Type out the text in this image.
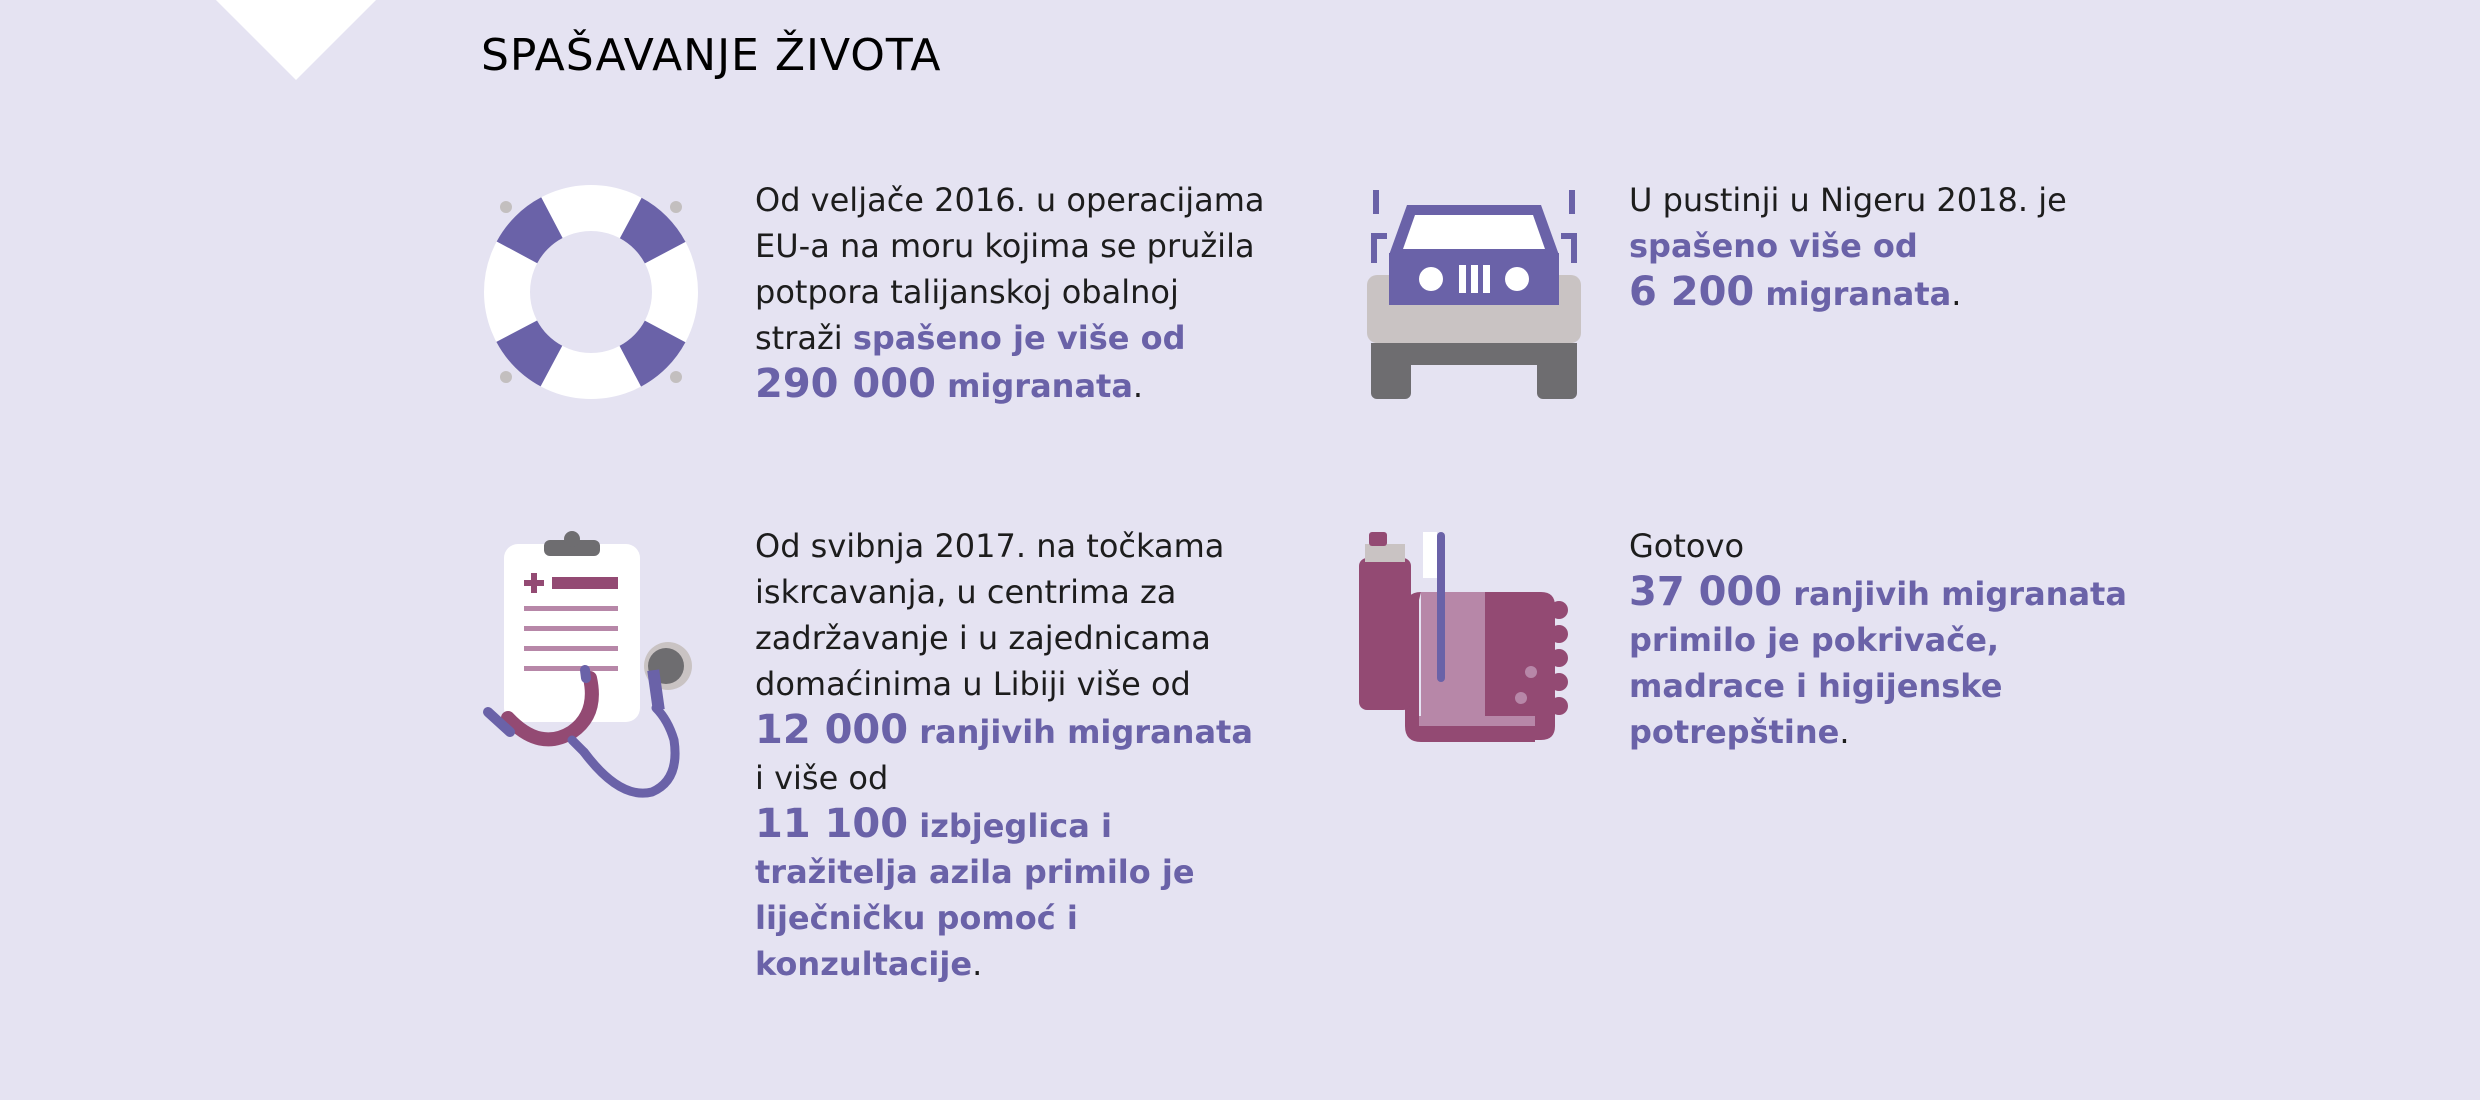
SPAŠAVANJE ŽIVOTA
Od veljače 2016. u operacijama
EU-a na moru kojima se pružila
potpora talijanskoj obalnoj
straži spašeno je više od
290 000 migranata.
U pustinji u Nigeru 2018. je
spašeno više od
6 200 migranata.
Od svibnja 2017. na točkama
iskrcavanja, u centrima za
zadržavanje i u zajednicama
domaćinima u Libiji više od
12 000 ranjivih migranata
i više od
11 100 izbjeglica i
tražitelja azila primilo je
liječničku pomoć i
konzultacije.
Gotovo
37 000 ranjivih migranata
primilo je pokrivače,
madrace i higijenske
potrepštine.
